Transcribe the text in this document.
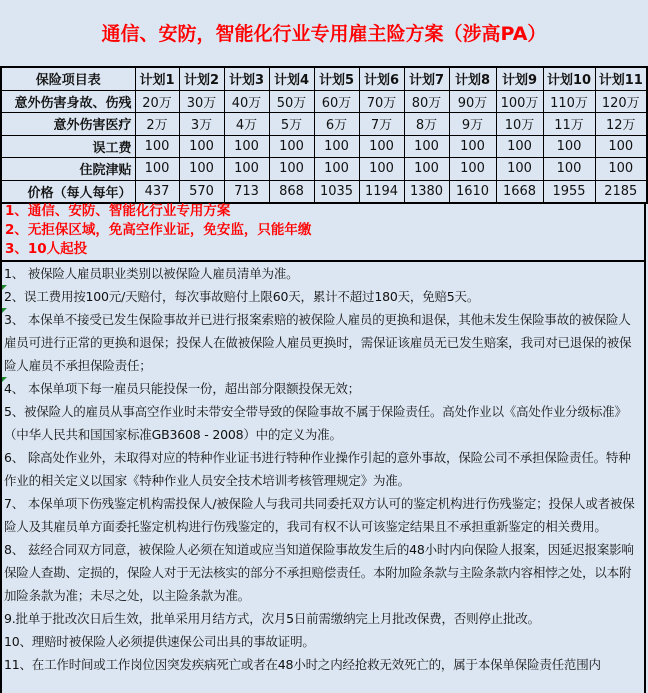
通信、安防，智能化行业专用雇主险方案（涉高PA）
保险项目表	计划1	计划2	计划3	计划4	计划5	计划6	计划7	计划8	计划9	计划10	计划11
意外伤害身故、伤残	20万	30万	40万	50万	60万	70万	80万	90万	100万	110万	120万
意外伤害医疗	2万	3万	4万	5万	6万	7万	8万	9万	10万	11万	12万
误工费	100	100	100	100	100	100	100	100	100	100	100
住院津贴	100	100	100	100	100	100	100	100	100	100	100
价格（每人每年）	437	570	713	868	1035	1194	1380	1610	1668	1955	2185
1、通信、安防、智能化行业专用方案
2、无拒保区域，免高空作业证，免安监，只能年缴
3、10人起投
1、 被保险人雇员职业类别以被保险人雇员清单为准。
2、误工费用按100元/天赔付，每次事故赔付上限60天，累计不超过180天，免赔5天。
3、 本保单不接受已发生保险事故并已进行报案索赔的被保险人雇员的更换和退保，其他未发生保险事故的被保险人雇员可进行正常的更换和退保；投保人在做被保险人雇员更换时，需保证该雇员无已发生赔案，我司对已退保的被保险人雇员不承担保险责任；
4、 本保单项下每一雇员只能投保一份，超出部分限额投保无效；
5、被保险人的雇员从事高空作业时未带安全带导致的保险事故不属于保险责任。高处作业以《高处作业分级标准》（中华人民共和国国家标准GB3608 - 2008）中的定义为准。
6、 除高处作业外，未取得对应的特种作业证书进行特种作业操作引起的意外事故，保险公司不承担保险责任。特种作业的相关定义以国家《特种作业人员安全技术培训考核管理规定》为准。
7、 本保单项下伤残鉴定机构需投保人/被保险人与我司共同委托双方认可的鉴定机构进行伤残鉴定；投保人或者被保险人及其雇员单方面委托鉴定机构进行伤残鉴定的，我司有权不认可该鉴定结果且不承担重新鉴定的相关费用。
8、 兹经合同双方同意，被保险人必须在知道或应当知道保险事故发生后的48小时内向保险人报案，因延迟报案影响保险人查勘、定损的，保险人对于无法核实的部分不承担赔偿责任。本附加险条款与主险条款内容相悖之处，以本附加险条款为准；未尽之处，以主险条款为准。
9.批单于批改次日后生效，批单采用月结方式，次月5日前需缴纳完上月批改保费，否则停止批改。
10、理赔时被保险人必须提供速保公司出具的事故证明。
11、在工作时间或工作岗位因突发疾病死亡或者在48小时之内经抢救无效死亡的，属于本保单保险责任范围内
